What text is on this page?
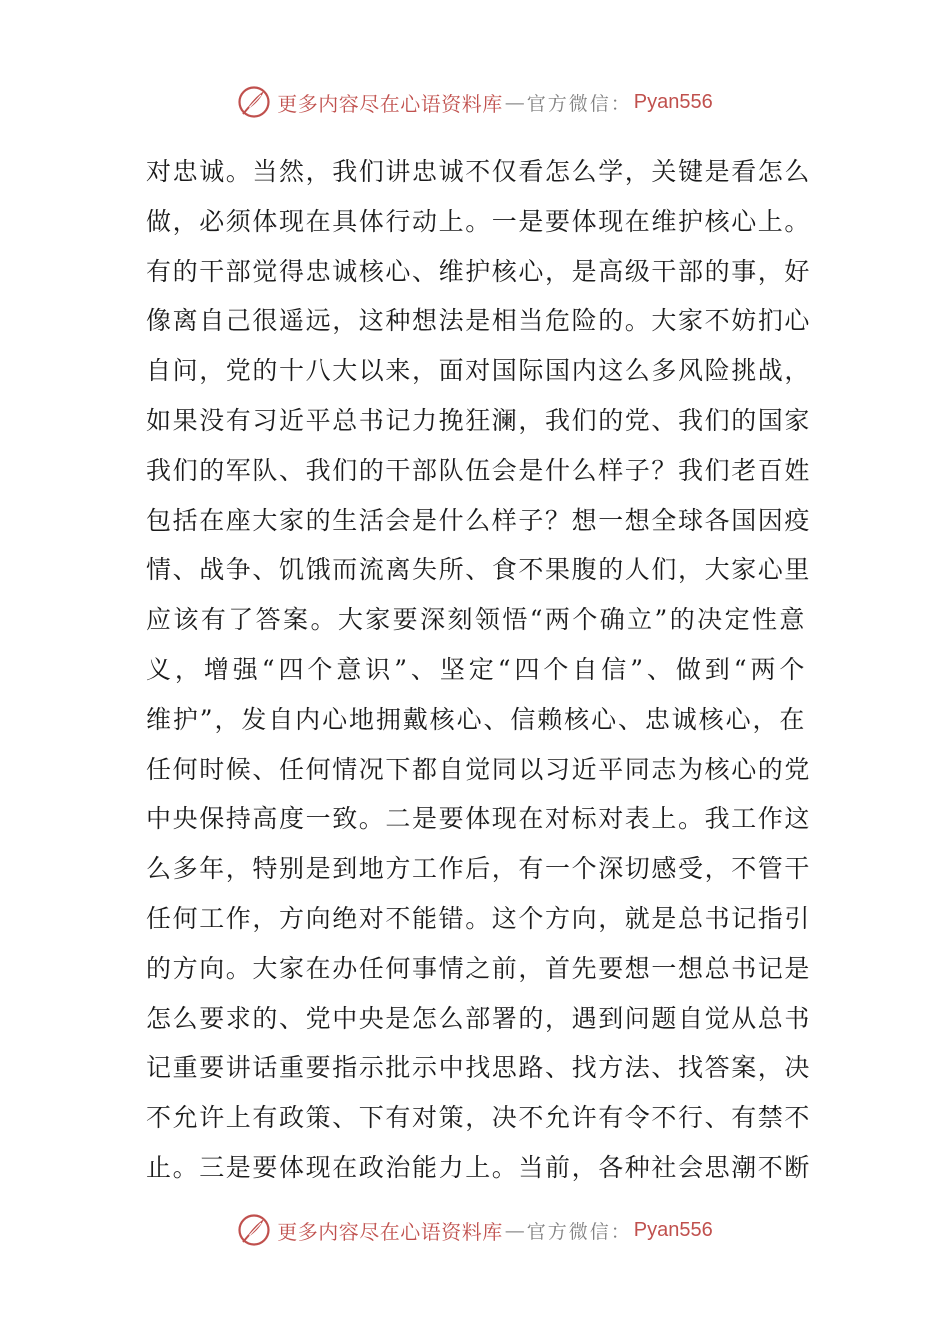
更多内容尽在心语资料库 — 官方微信： Pyan556
对忠诚。当然，我们讲忠诚不仅看怎么学，关键是看怎么
做，必须体现在具体行动上。一是要体现在维护核心上。
有的干部觉得忠诚核心、维护核心，是高级干部的事，好
像离自己很遥远，这种想法是相当危险的。大家不妨扪心
自问，党的十八大以来，面对国际国内这么多风险挑战，
如果没有习近平总书记力挽狂澜，我们的党、我们的国家
我们的军队、我们的干部队伍会是什么样子？我们老百姓
包括在座大家的生活会是什么样子？想一想全球各国因疫
情、战争、饥饿而流离失所、食不果腹的人们，大家心里
应该有了答案。大家要深刻领悟“两个确立”的决定性意
义，增强“四个意识”、坚定“四个自信”、做到“两个
维护”，发自内心地拥戴核心、信赖核心、忠诚核心，在
任何时候、任何情况下都自觉同以习近平同志为核心的党
中央保持高度一致。二是要体现在对标对表上。我工作这
么多年，特别是到地方工作后，有一个深切感受，不管干
任何工作，方向绝对不能错。这个方向，就是总书记指引
的方向。大家在办任何事情之前，首先要想一想总书记是
怎么要求的、党中央是怎么部署的，遇到问题自觉从总书
记重要讲话重要指示批示中找思路、找方法、找答案，决
不允许上有政策、下有对策，决不允许有令不行、有禁不
止。三是要体现在政治能力上。当前，各种社会思潮不断
更多内容尽在心语资料库 — 官方微信： Pyan556
